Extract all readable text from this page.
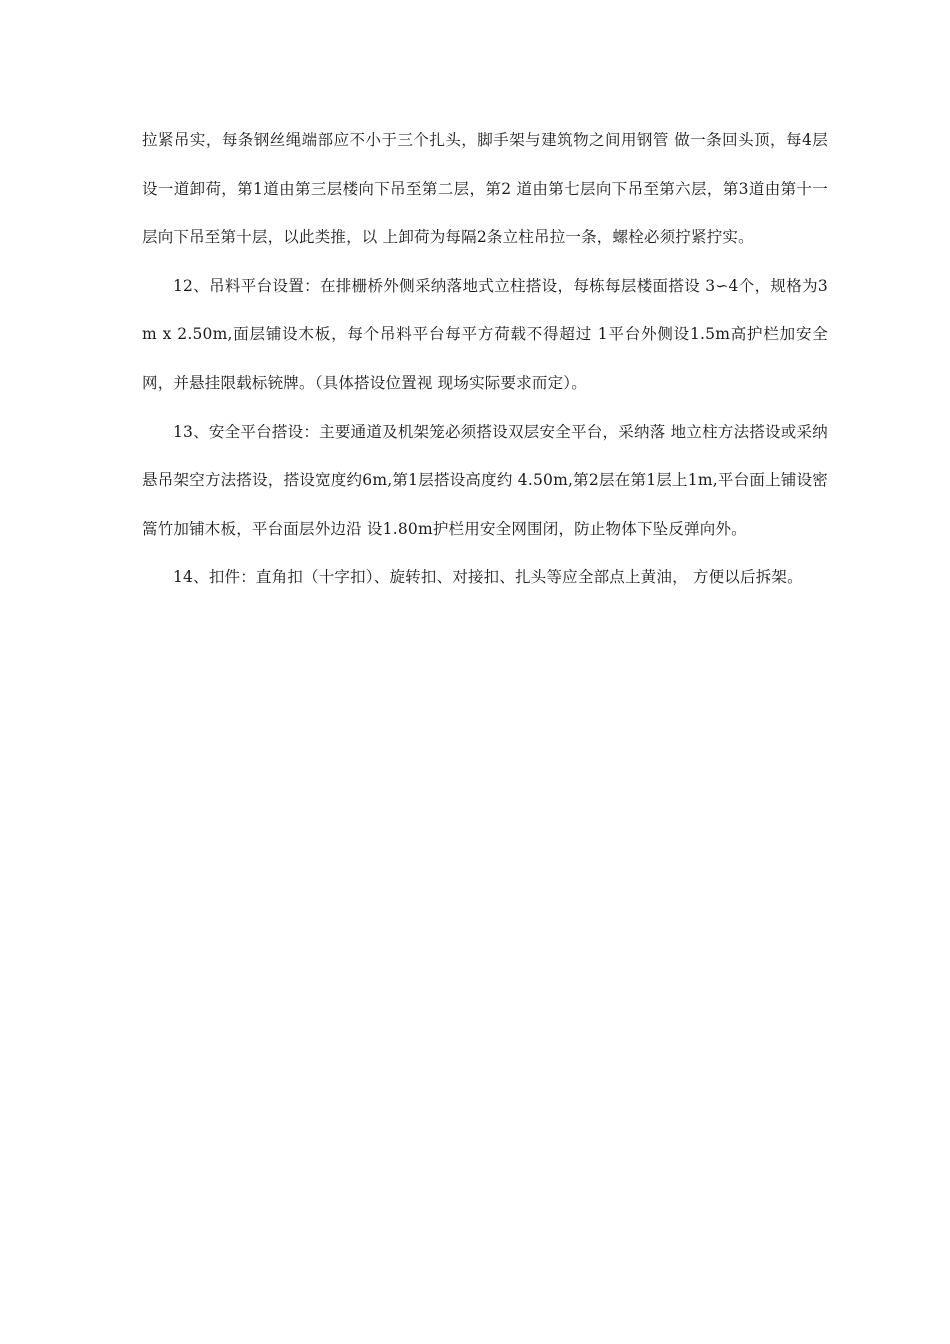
拉紧吊实，每条钢丝绳端部应不小于三个扎头，脚手架与建筑物之间用钢管 做一条回头顶，每4层设一道卸荷，第1道由第三层楼向下吊至第二层，第2 道由第七层向下吊至第六层，第3道由第十一层向下吊至第十层，以此类推，以 上卸荷为每隔2条立柱吊拉一条，螺栓必须拧紧拧实。

12、吊料平台设置：在排栅桥外侧采纳落地式立柱搭设，每栋每层楼面搭设 3∽4个，规格为3m x 2.50m,面层铺设木板，每个吊料平台每平方荷载不得超过 1平台外侧设1.5m高护栏加安全网，并悬挂限载标铳牌。（具体搭设位置视 现场实际要求而定）。

13、安全平台搭设：主要通道及机架笼必须搭设双层安全平台，采纳落 地立柱方法搭设或采纳悬吊架空方法搭设，搭设宽度约6m,第1层搭设高度约 4.50m,第2层在第1层上1m,平台面上铺设密篙竹加铺木板，平台面层外边沿 设1.80m护栏用安全网围闭，防止物体下坠反弹向外。

14、扣件：直角扣（十字扣）、旋转扣、对接扣、扎头等应全部点上黄油， 方便以后拆架。
